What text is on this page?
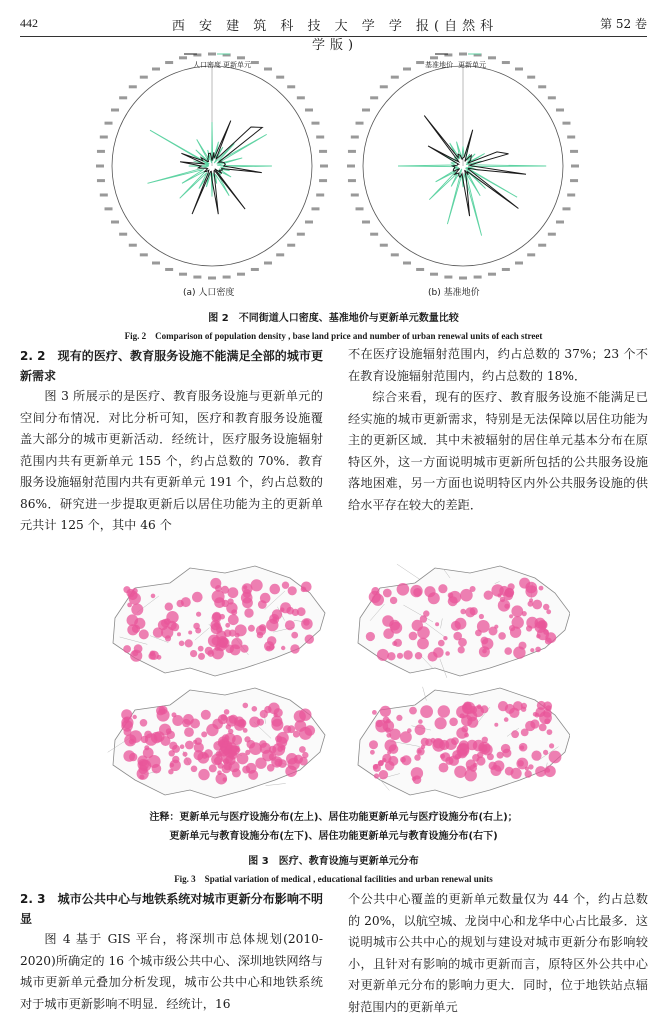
442	西 安 建 筑 科 技 大 学 学 报(自然科学版)
第 52 卷
人口密度 更新单元	基准地价 更新单元
(a) 人口密度	(b) 基准地价
图 2　不同街道人口密度、基准地价与更新单元数量比较
Fig. 2　Comparison of population density , base land price and number of urban renewal units of each street
2. 2　现有的医疗、教育服务设施不能满足全部的城市更新需求

图 3 所展示的是医疗、教育服务设施与更新单元的空间分布情况．对比分析可知，医疗和教育服务设施覆盖大部分的城市更新活动．经统计，医疗服务设施辐射范围内共有更新单元 155 个，约占总数的 70%．教育服务设施辐射范围内共有更新单元 191 个，约占总数的 86%．研究进一步提取更新后以居住功能为主的更新单元共计 125 个，其中 46 个

不在医疗设施辐射范围内，约占总数的 37%；23 个不在教育设施辐射范围内，约占总数的 18%．

综合来看，现有的医疗、教育服务设施不能满足已经实施的城市更新需求，特别是无法保障以居住功能为主的更新区域．其中未被辐射的居住单元基本分布在原特区外，这一方面说明城市更新所包括的公共服务设施落地困难，另一方面也说明特区内外公共服务设施的供给水平存在较大的差距．

注释：更新单元与医疗设施分布(左上)、居住功能更新单元与医疗设施分布(右上)；
更新单元与教育设施分布(左下)、居住功能更新单元与教育设施分布(右下)
图 3　医疗、教育设施与更新单元分布
Fig. 3　Spatial variation of medical , educational facilities and urban renewal units
2. 3　城市公共中心与地铁系统对城市更新分布影响不明显

图 4 基于 GIS 平台，将深圳市总体规划(2010-2020)所确定的 16 个城市级公共中心、深圳地铁网络与城市更新单元叠加分析发现，城市公共中心和地铁系统对于城市更新影响不明显．经统计，16

个公共中心覆盖的更新单元数量仅为 44 个，约占总数的 20%，以航空城、龙岗中心和龙华中心占比最多．这说明城市公共中心的规划与建设对城市更新分布影响较小，且针对有影响的城市更新而言，原特区外公共中心对更新单元分布的影响力更大．同时，位于地铁站点辐射范围内的更新单元
